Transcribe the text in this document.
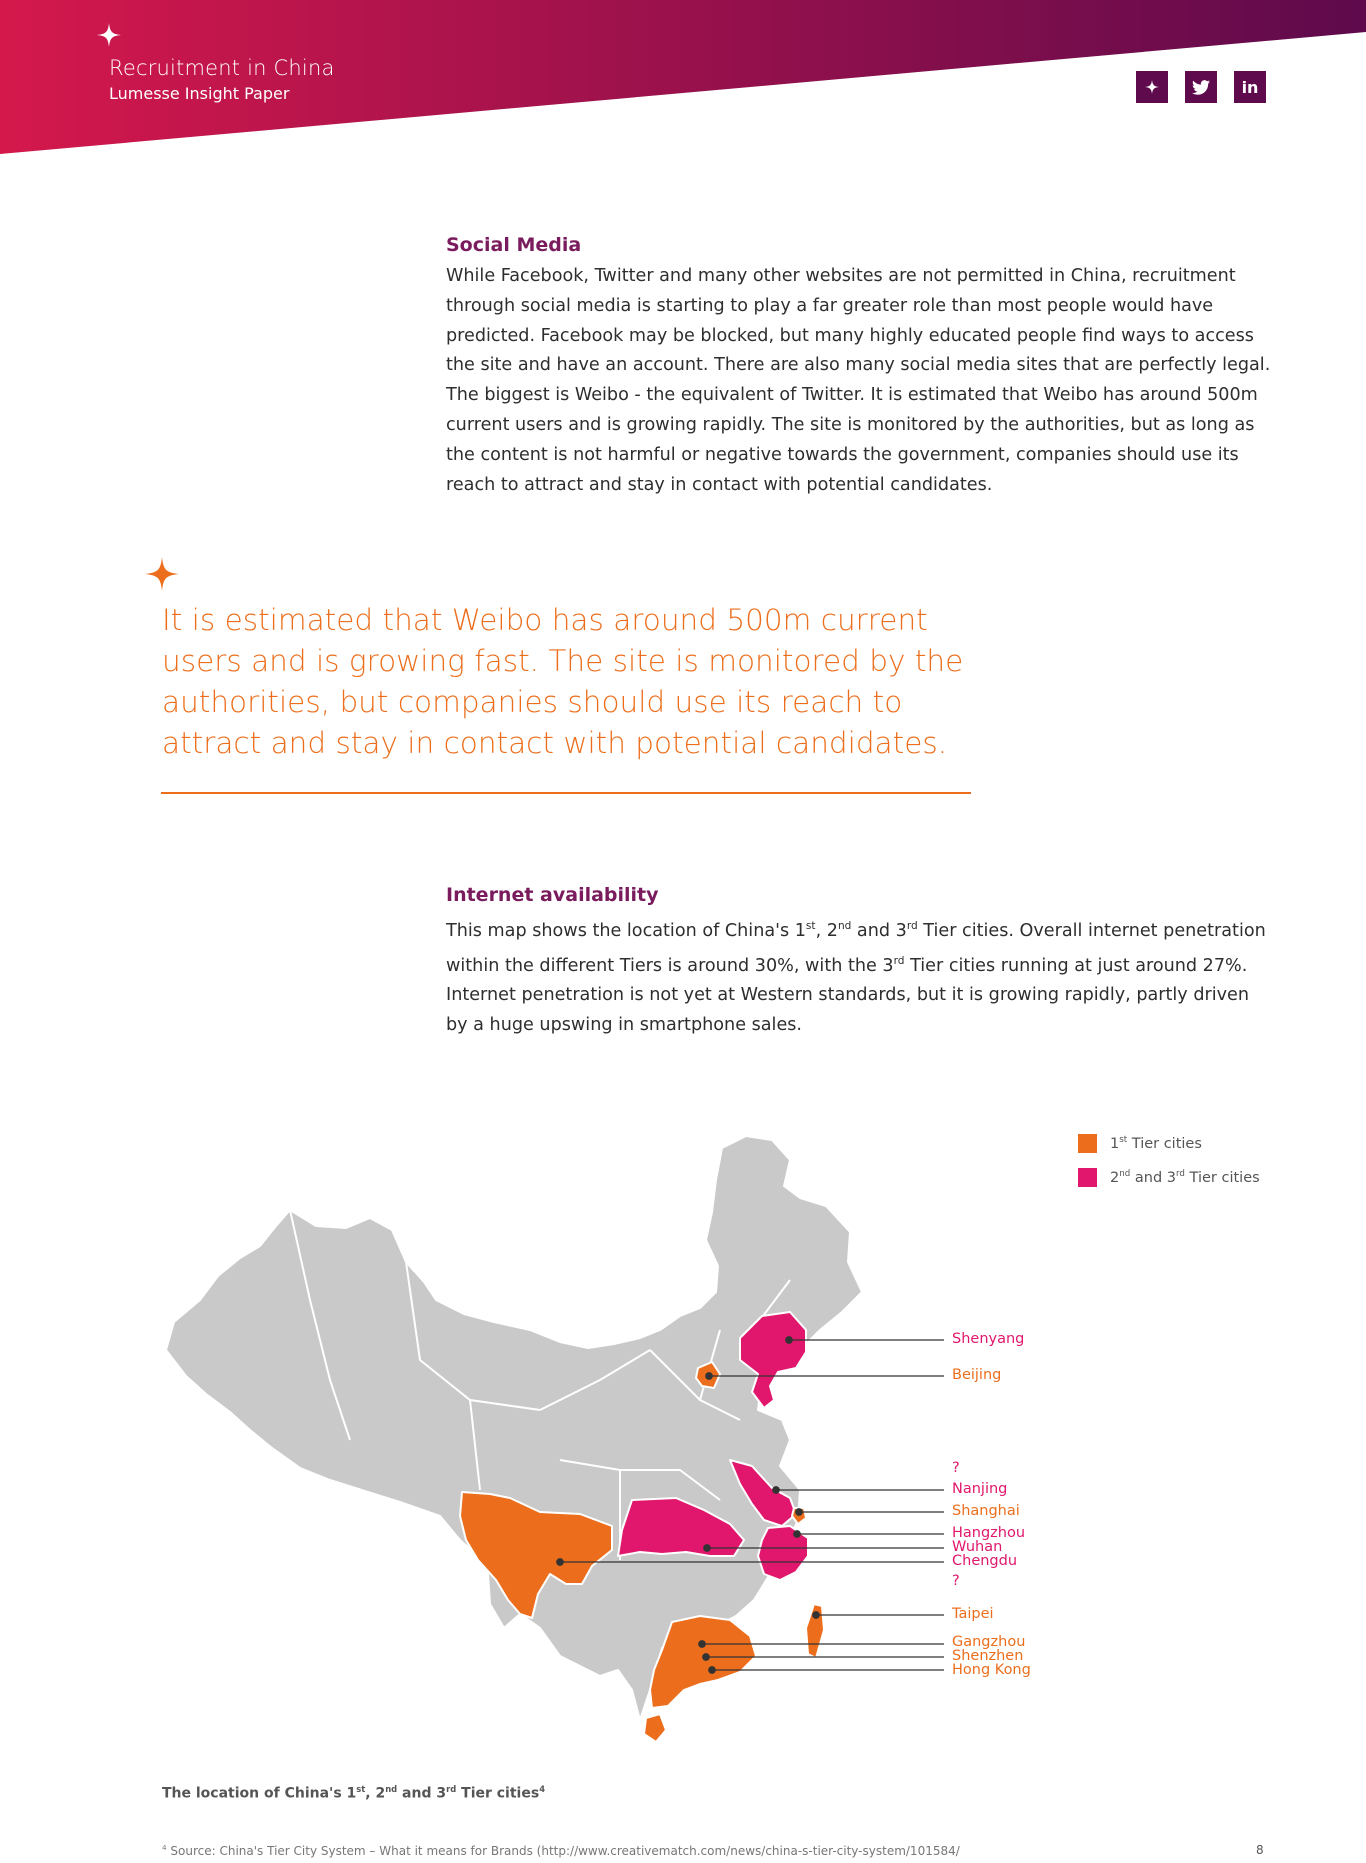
Recruitment in China
Lumesse Insight Paper	in
Social Media
While Facebook, Twitter and many other websites are not permitted in China, recruitment through social media is starting to play a far greater role than most people would have predicted. Facebook may be blocked, but many highly educated people find ways to access the site and have an account. There are also many social media sites that are perfectly legal. The biggest is Weibo - the equivalent of Twitter. It is estimated that Weibo has around 500m current users and is growing rapidly. The site is monitored by the authorities, but as long as the content is not harmful or negative towards the government, companies should use its reach to attract and stay in contact with potential candidates.
It is estimated that Weibo has around 500m current users and is growing fast. The site is monitored by the authorities, but companies should use its reach to attract and stay in contact with potential candidates.
Internet availability
This map shows the location of China's 1st, 2nd and 3rd Tier cities. Overall internet penetration within the different Tiers is around 30%, with the 3rd Tier cities running at just around 27%. Internet penetration is not yet at Western standards, but it is growing rapidly, partly driven by a huge upswing in smartphone sales.
1st Tier cities
2nd and 3rd Tier cities
Shenyang
Beijing
?
Nanjing
Shanghai
Hangzhou
Wuhan
Chengdu
?
Taipei
Gangzhou
Shenzhen
Hong Kong
The location of China's 1st, 2nd and 3rd Tier cities$^4$
$^4$ Source: China's Tier City System – What it means for Brands (http://www.creativematch.com/news/china-s-tier-city-system/101584/	8
